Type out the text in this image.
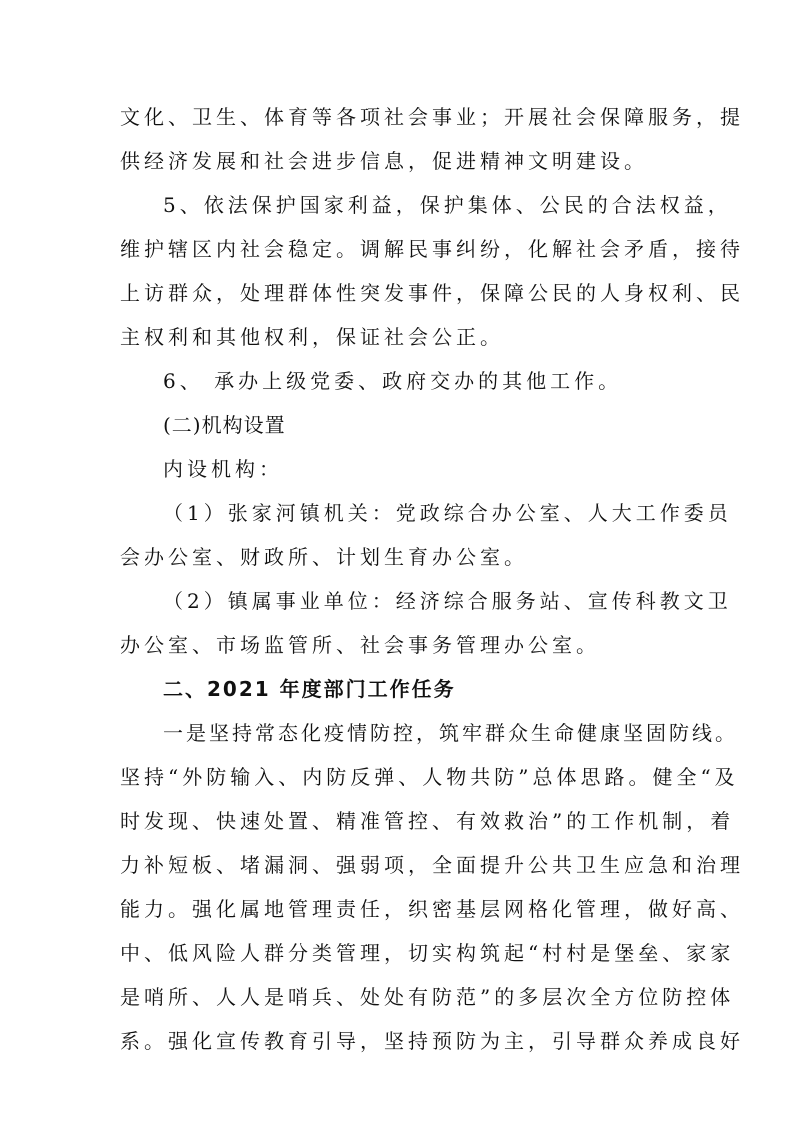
文化、卫生、体育等各项社会事业；开展社会保障服务，提
供经济发展和社会进步信息，促进精神文明建设。
5、依法保护国家利益，保护集体、公民的合法权益，
维护辖区内社会稳定。调解民事纠纷，化解社会矛盾，接待
上访群众，处理群体性突发事件，保障公民的人身权利、民
主权利和其他权利，保证社会公正。
6、 承办上级党委、政府交办的其他工作。
(二)机构设置
内设机构：
（1）张家河镇机关：党政综合办公室、人大工作委员
会办公室、财政所、计划生育办公室。
（2）镇属事业单位：经济综合服务站、宣传科教文卫
办公室、市场监管所、社会事务管理办公室。
二、2021 年度部门工作任务
一是坚持常态化疫情防控，筑牢群众生命健康坚固防线。
坚持“外防输入、内防反弹、人物共防”总体思路。健全“及
时发现、快速处置、精准管控、有效救治”的工作机制，着
力补短板、堵漏洞、强弱项，全面提升公共卫生应急和治理
能力。强化属地管理责任，织密基层网格化管理，做好高、
中、低风险人群分类管理，切实构筑起“村村是堡垒、家家
是哨所、人人是哨兵、处处有防范”的多层次全方位防控体
系。强化宣传教育引导，坚持预防为主，引导群众养成良好
